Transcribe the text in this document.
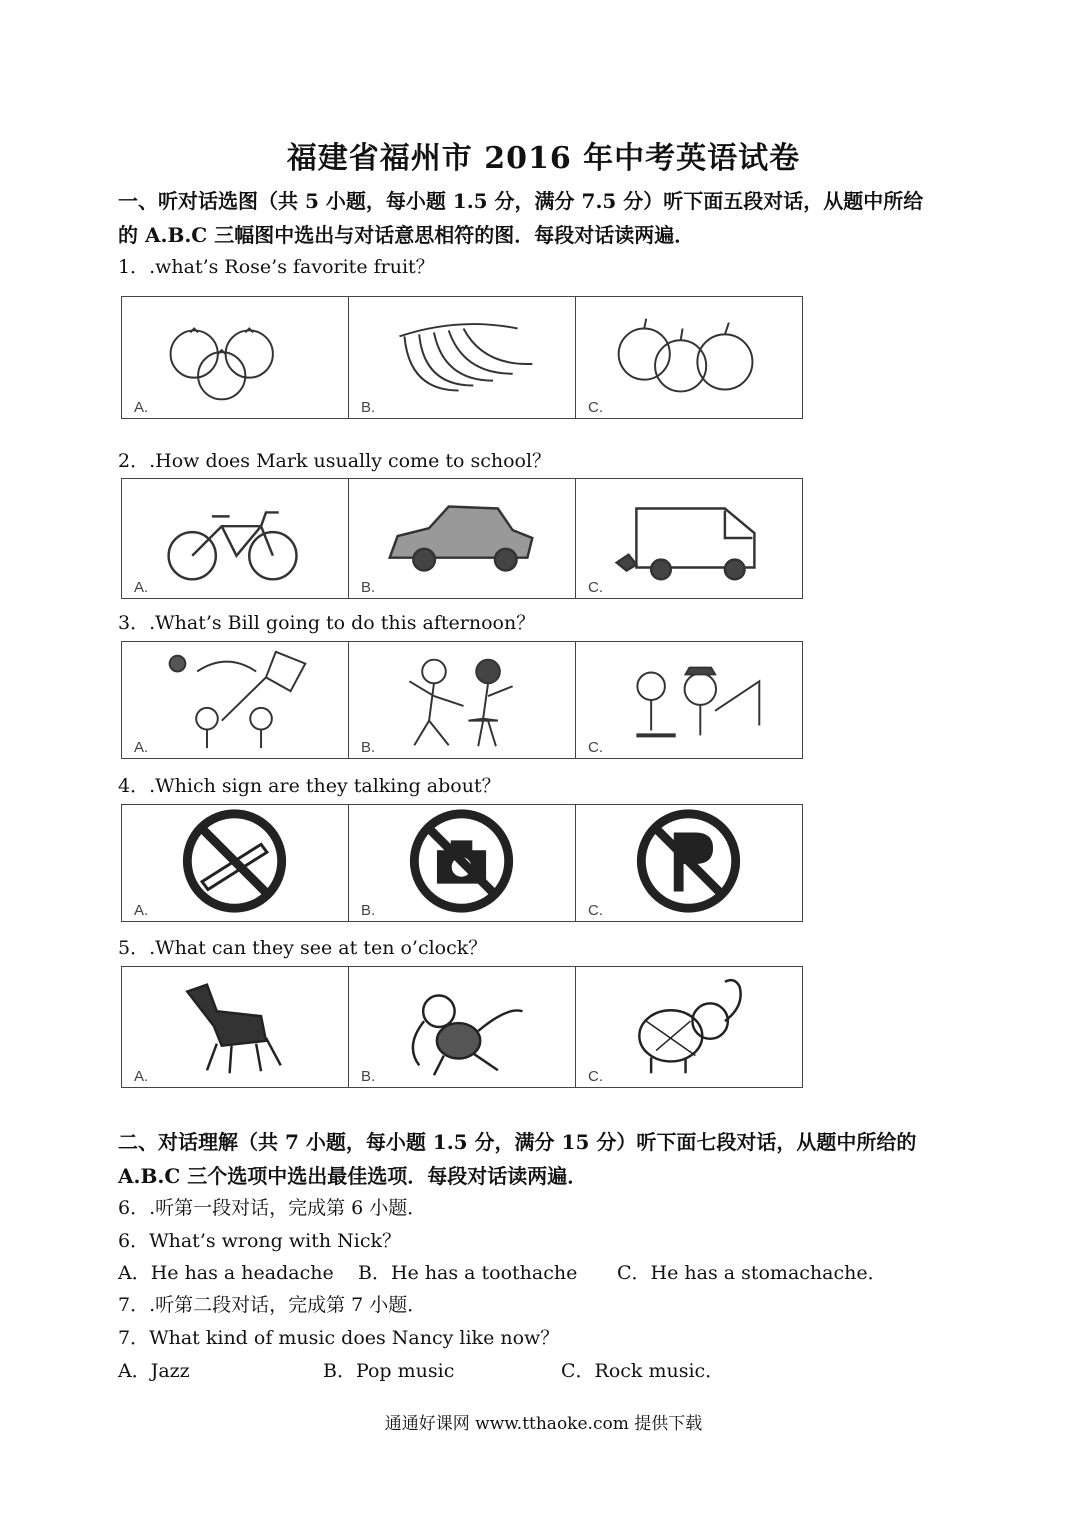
福建省福州市 2016 年中考英语试卷
一、听对话选图（共 5 小题，每小题 1.5 分，满分 7.5 分）听下面五段对话，从题中所给
的 A.B.C 三幅图中选出与对话意思相符的图．每段对话读两遍．
1．.what’s Rose’s favorite fruit？
A.	B.	C.
2．.How does Mark usually come to school？
A.	B.	C.
3．.What’s Bill going to do this afternoon？
A.	B.	C.
4．.Which sign are they talking about？
A.	B.	C.
5．.What can they see at ten o’clock？
A.	B.	C.
二、对话理解（共 7 小题，每小题 1.5 分，满分 15 分）听下面七段对话，从题中所给的
A.B.C 三个选项中选出最佳选项．每段对话读两遍．
6．.听第一段对话，完成第 6 小题．
6．What’s wrong with Nick？
A．He has a headache B．He has a toothache C．He has a stomachache．
7．.听第二段对话，完成第 7 小题．
7．What kind of music does Nancy like now？
A．Jazz	B．Pop music	C．Rock music．
通通好课网 www.tthaoke.com 提供下载
